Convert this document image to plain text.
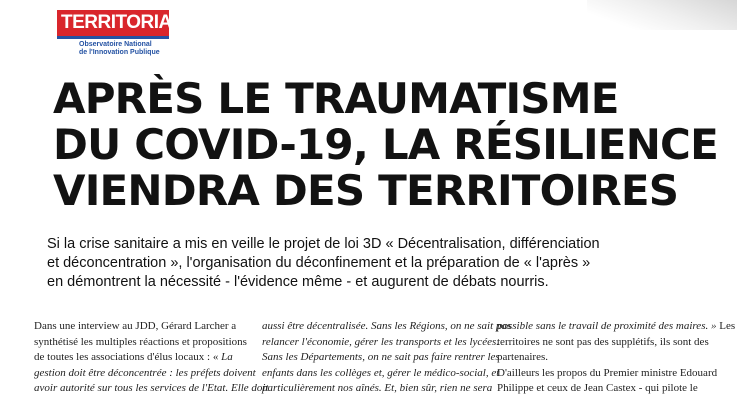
TERRITORIA
Observatoire National
de l'Innovation Publique
APRÈS LE TRAUMATISME
DU COVID-19, LA RÉSILIENCE
VIENDRA DES TERRITOIRES

Si la crise sanitaire a mis en veille le projet de loi 3D « Décentralisation, différenciation
et déconcentration », l'organisation du déconfinement et la préparation de « l'après »
en démontrent la nécessité - l'évidence même - et augurent de débats nourris.

Dans une interview au JDD, Gérard Larcher a
synthétisé les multiples réactions et propositions
de toutes les associations d'élus locaux : « La
gestion doit être déconcentrée : les préfets doivent
avoir autorité sur tous les services de l'Etat. Elle doit
aussi être décentralisée. Sans les Régions, on ne sait pas
relancer l'économie, gérer les transports et les lycées.
Sans les Départements, on ne sait pas faire rentrer les
enfants dans les collèges et, gérer le médico-social, et
particulièrement nos aînés. Et, bien sûr, rien ne sera
possible sans le travail de proximité des maires. » Les
territoires ne sont pas des supplétifs, ils sont des
partenaires.
D'ailleurs les propos du Premier ministre Edouard
Philippe et ceux de Jean Castex - qui pilote le
